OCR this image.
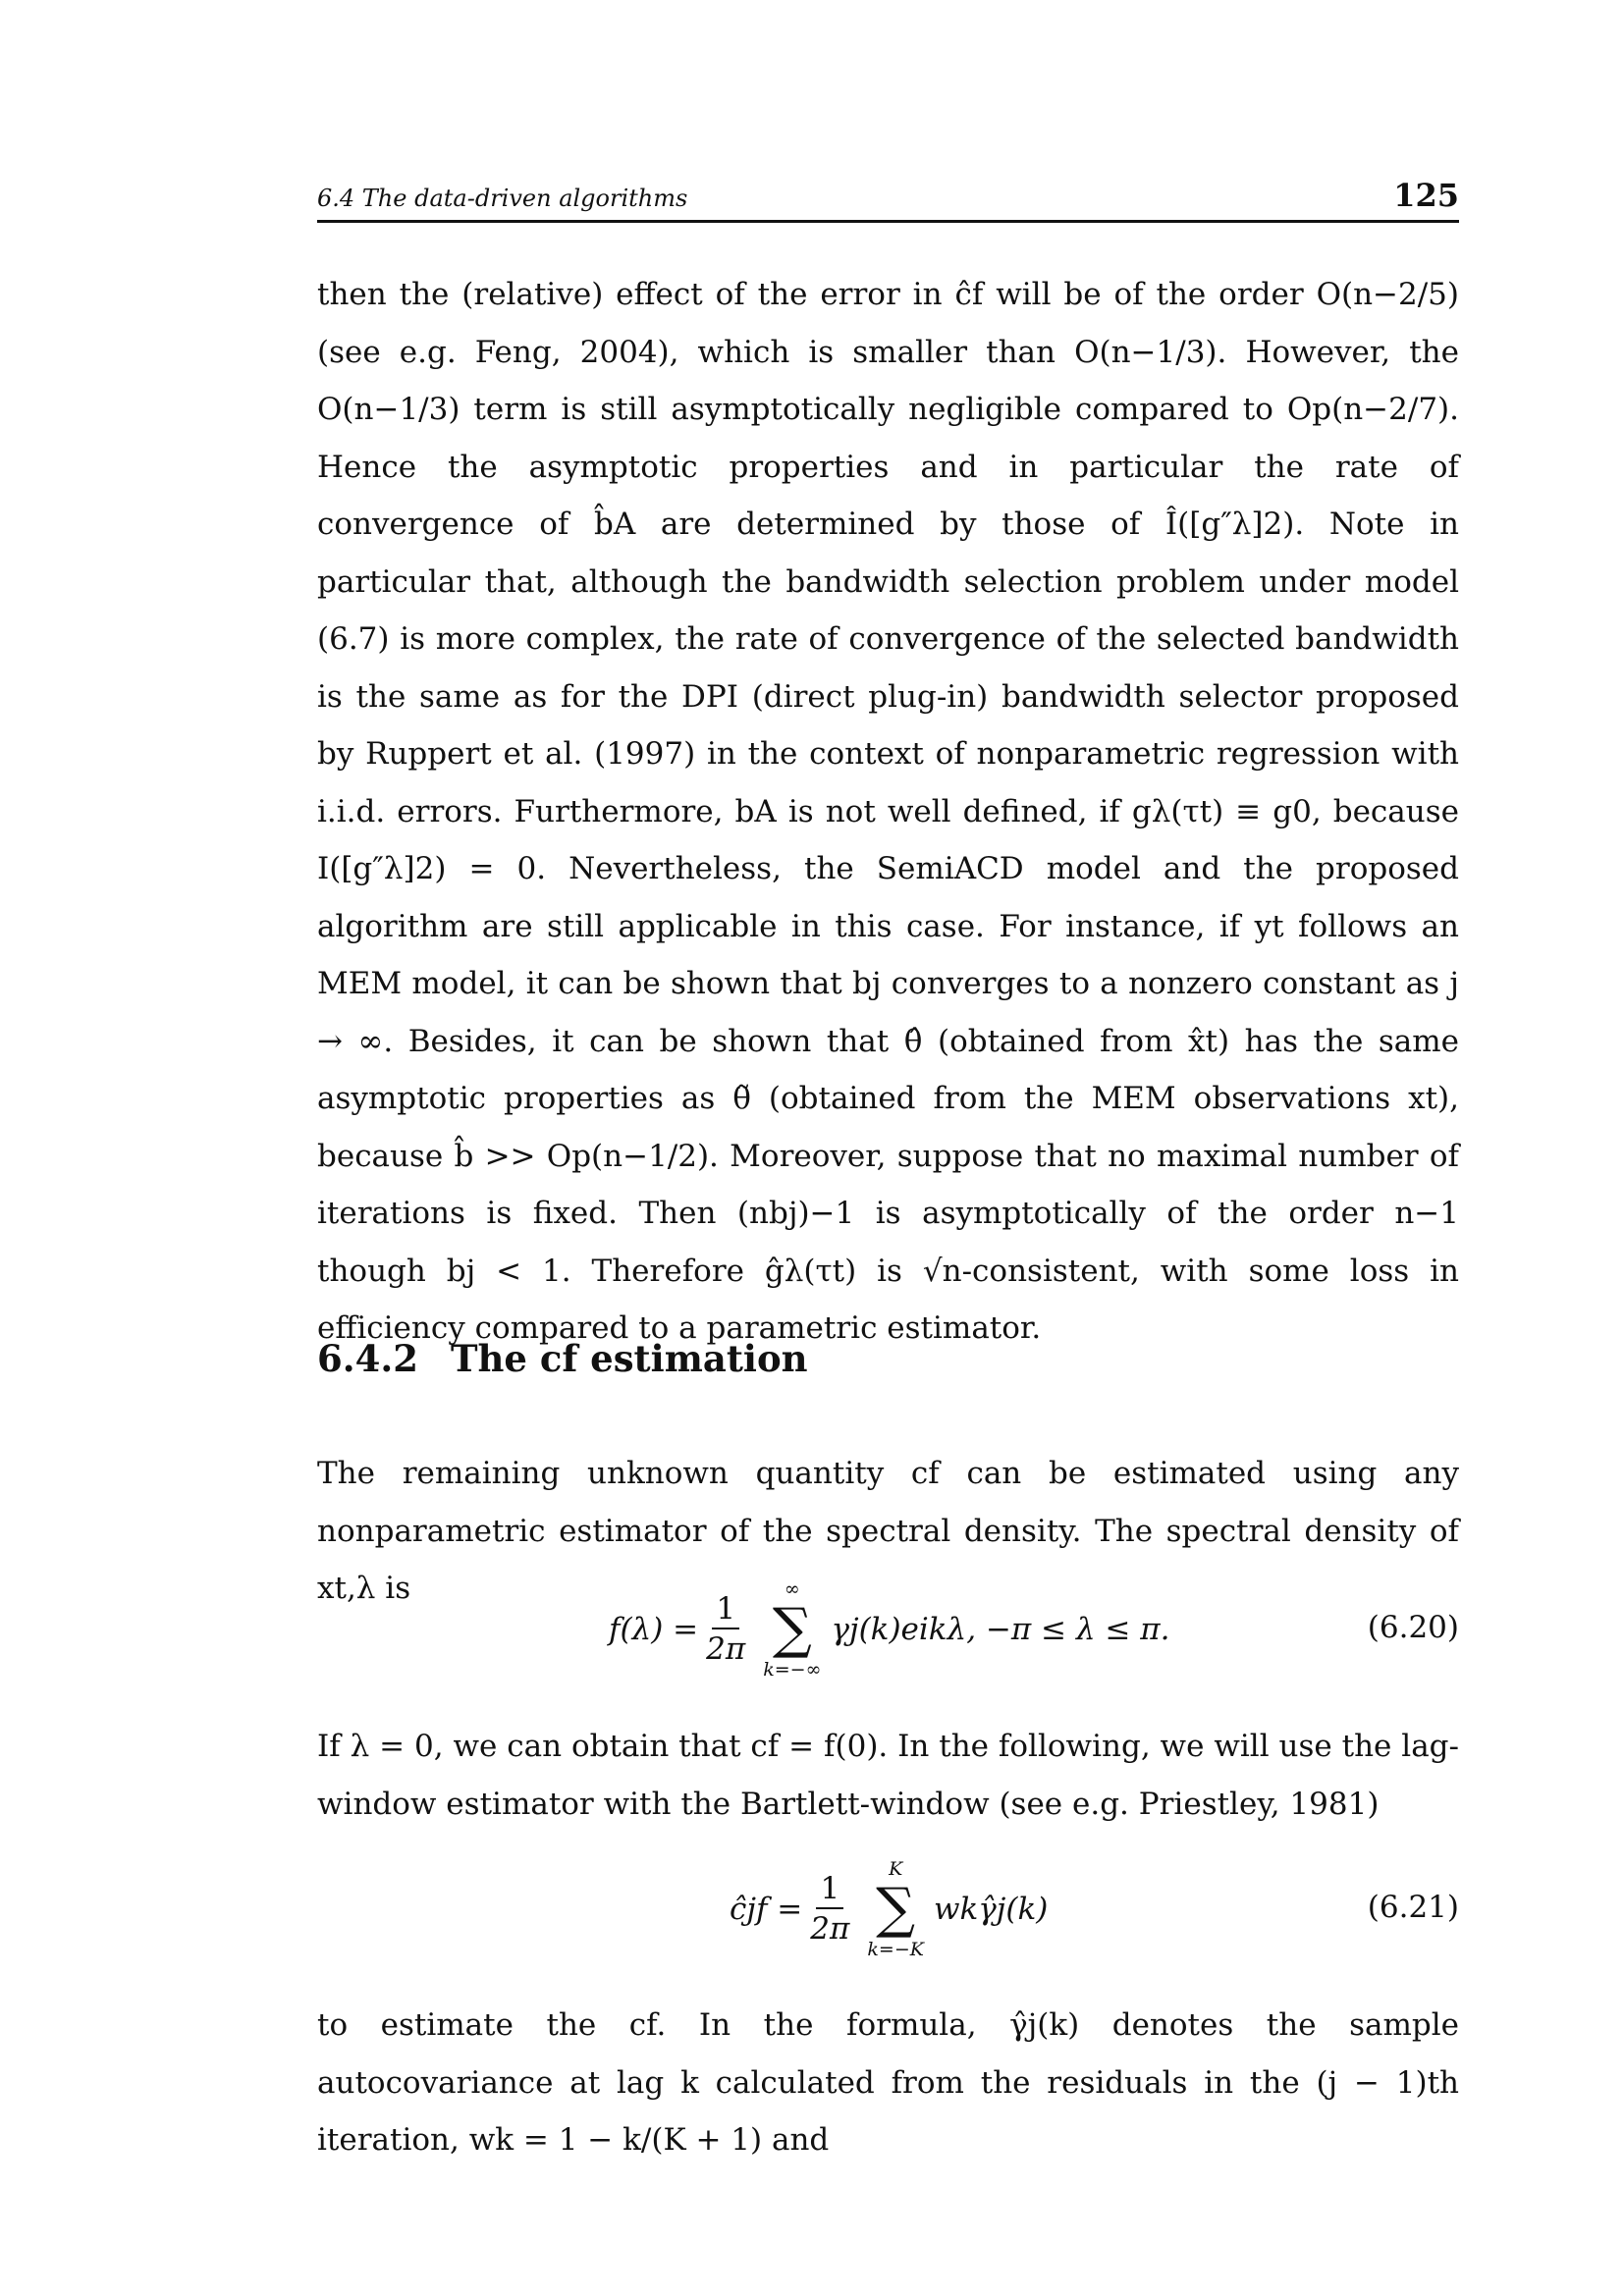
6.4 The data-driven algorithms	125

then the (relative) effect of the error in ĉf will be of the order O(n−2/5) (see e.g. Feng, 2004), which is smaller than O(n−1/3). However, the O(n−1/3) term is still asymptotically negligible compared to Op(n−2/7). Hence the asymptotic properties and in particular the rate of convergence of b̂A are determined by those of Î([g″λ]2). Note in particular that, although the bandwidth selection problem under model (6.7) is more complex, the rate of convergence of the selected bandwidth is the same as for the DPI (direct plug-in) bandwidth selector proposed by Ruppert et al. (1997) in the context of nonparametric regression with i.i.d. errors. Furthermore, bA is not well defined, if gλ(τt) ≡ g0, because I([g″λ]2) = 0. Nevertheless, the SemiACD model and the proposed algorithm are still applicable in this case. For instance, if yt follows an MEM model, it can be shown that bj converges to a nonzero constant as j → ∞. Besides, it can be shown that θ̂ (obtained from x̂t) has the same asymptotic properties as θ̃ (obtained from the MEM observations xt), because b̂ >> Op(n−1/2). Moreover, suppose that no maximal number of iterations is fixed. Then (nbj)−1 is asymptotically of the order n−1 though bj < 1. Therefore ĝλ(τt) is √n-consistent, with some loss in efficiency compared to a parametric estimator.

6.4.2 The cf estimation

The remaining unknown quantity cf can be estimated using any nonparametric estimator of the spectral density. The spectral density of xt,λ is

$f(\lambda) = \frac{1}{2\pi}$
∞
∑
k=−∞
γj(k)eikλ, −π ≤ λ ≤ π.	(6.20)

If λ = 0, we can obtain that cf = f(0). In the following, we will use the lag-window estimator with the Bartlett-window (see e.g. Priestley, 1981)

ĉjf = $\frac{1}{2\pi}$
K
∑
k=−K
wkγ̂j(k)	(6.21)

to estimate the cf. In the formula, γ̂j(k) denotes the sample autocovariance at lag k calculated from the residuals in the (j − 1)th iteration, wk = 1 − k/(K + 1) and
